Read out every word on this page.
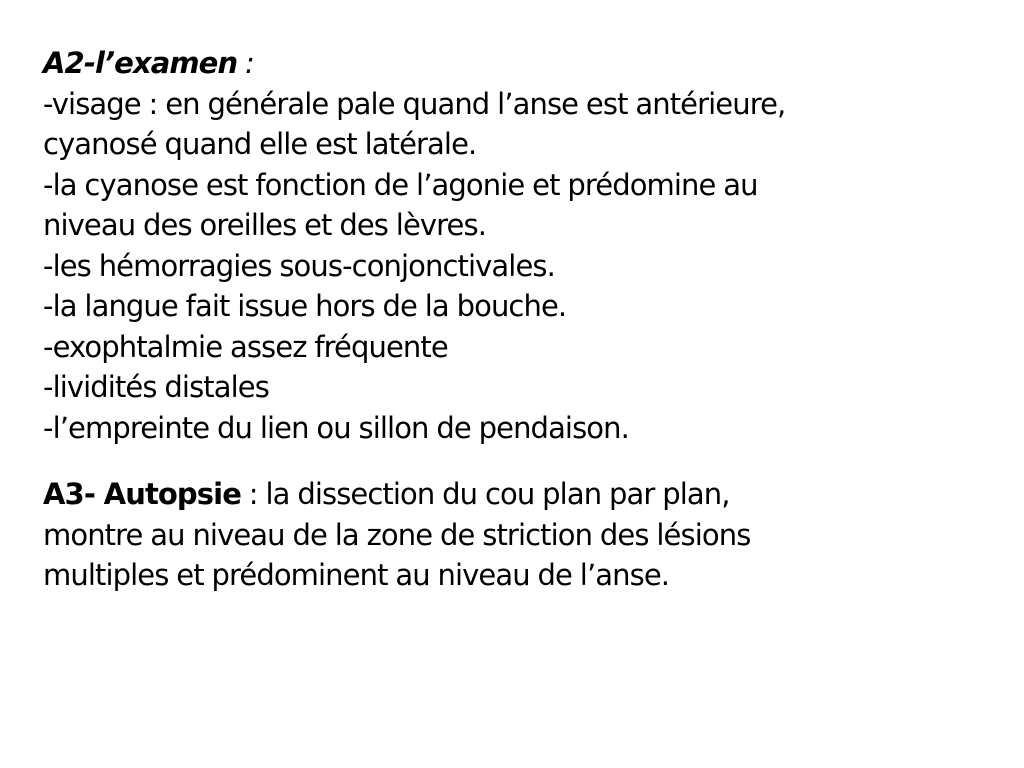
A2-l’examen :
-visage : en générale pale quand l’anse est antérieure,
cyanosé quand elle est latérale.
-la cyanose est fonction de l’agonie et prédomine au
niveau des oreilles et des lèvres.
-les hémorragies sous-conjonctivales.
-la langue fait issue hors de la bouche.
-exophtalmie assez fréquente
-lividités distales
-l’empreinte du lien ou sillon de pendaison.
A3- Autopsie : la dissection du cou plan par plan,
montre au niveau de la zone de striction des lésions
multiples et prédominent au niveau de l’anse.
